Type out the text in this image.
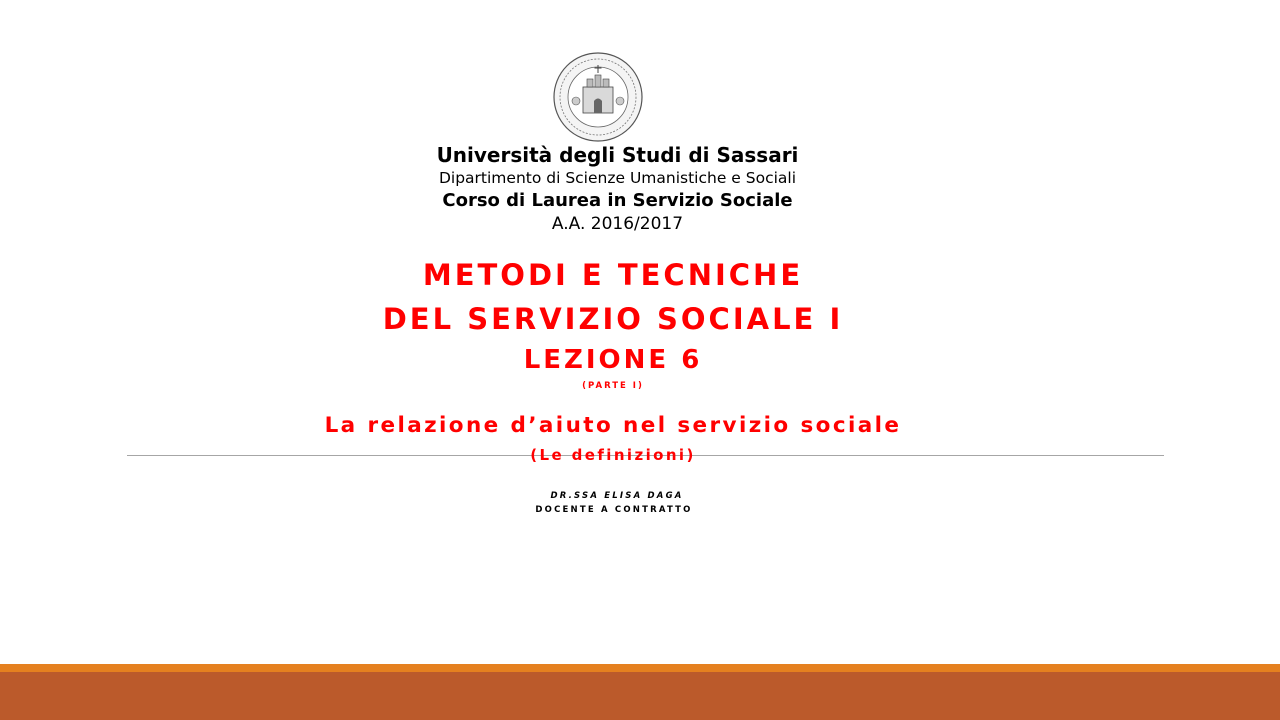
Università degli Studi di Sassari
Dipartimento di Scienze Umanistiche e Sociali
Corso di Laurea in Servizio Sociale
A.A. 2016/2017
METODI E TECNICHE
DEL SERVIZIO SOCIALE I
LEZIONE 6
(PARTE I)
La relazione d’aiuto nel servizio sociale
(Le definizioni)
DR.SSA ELISA DAGA
DOCENTE A CONTRATTO
